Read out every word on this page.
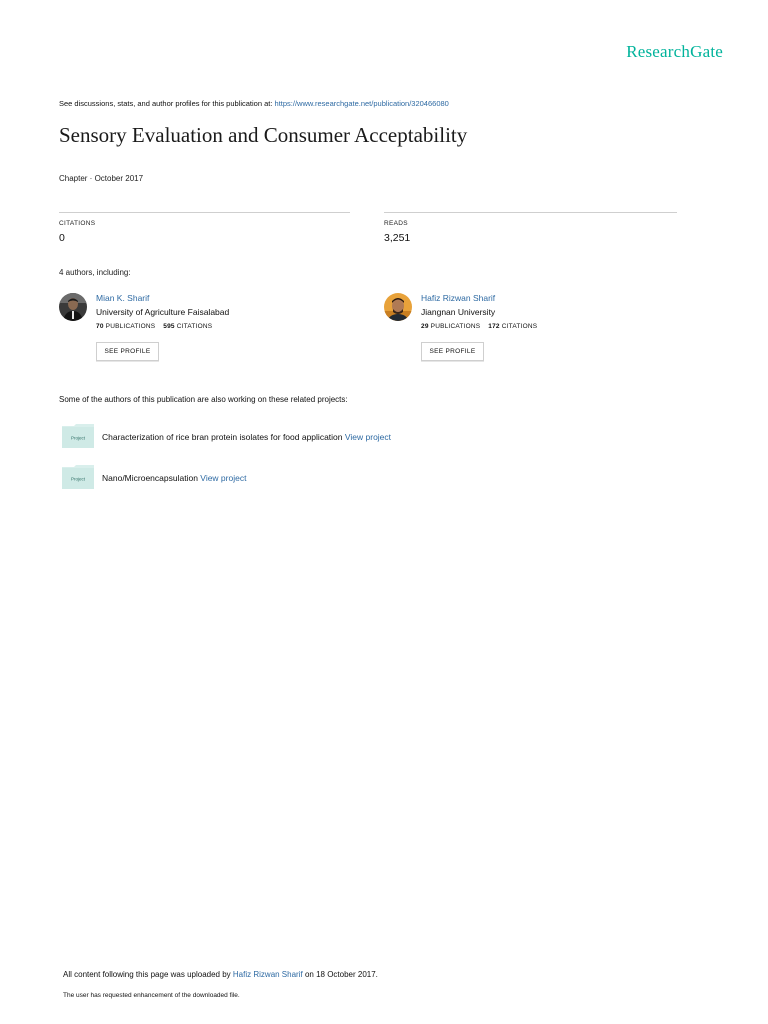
ResearchGate
See discussions, stats, and author profiles for this publication at: https://www.researchgate.net/publication/320466080
Sensory Evaluation and Consumer Acceptability
Chapter · October 2017
CITATIONS
0
READS
3,251
4 authors, including:
Mian K. Sharif
University of Agriculture Faisalabad
70 PUBLICATIONS 595 CITATIONS
SEE PROFILE
Hafiz Rizwan Sharif
Jiangnan University
29 PUBLICATIONS 172 CITATIONS
SEE PROFILE
Some of the authors of this publication are also working on these related projects:
Project Characterization of rice bran protein isolates for food application View project
Project Nano/Microencapsulation View project
All content following this page was uploaded by Hafiz Rizwan Sharif on 18 October 2017.
The user has requested enhancement of the downloaded file.
